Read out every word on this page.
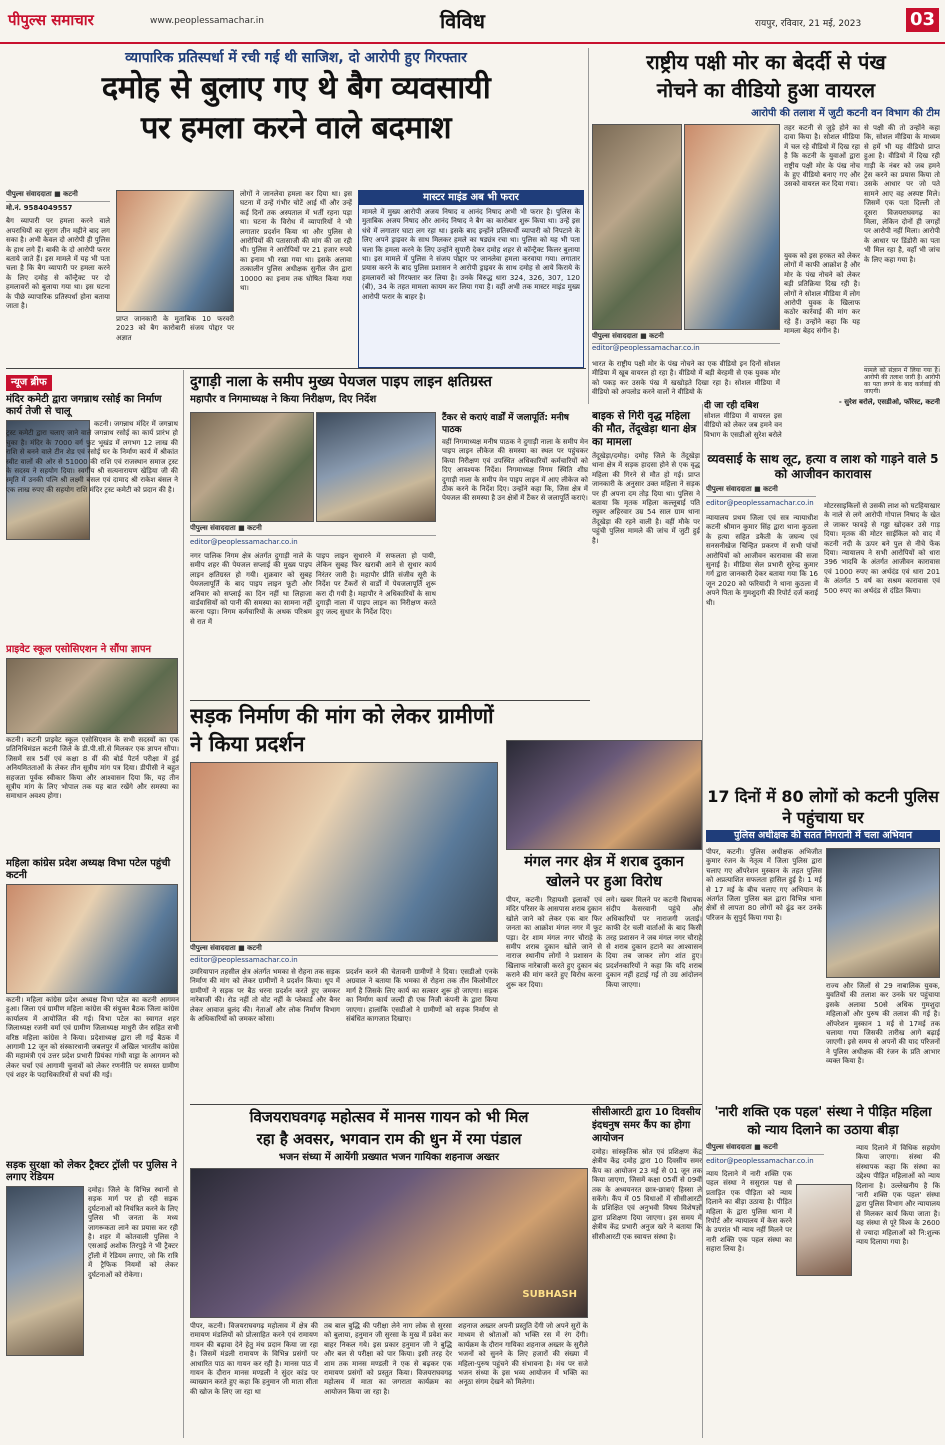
पीपुल्स समाचार	www.peoplessamachar.in	विविध	रायपुर, रविवार, 21 मई, 2023	03
व्यापारिक प्रतिस्पर्धा में रची गई थी साजिश, दो आरोपी हुए गिरफ्तार
दमोह से बुलाए गए थे बैग व्यवसायी
पर हमला करने वाले बदमाश
पीपुल्स संवाददाता ■ कटनी
मो.नं. 9584049557
बैग व्यापारी पर हमला करने वाले अपराधियों का सुराग तीन महीने बाद लग सका है। अभी केवल दो आरोपी ही पुलिस के हाथ लगे हैं। बाकी के दो आरोपी फरार बताये जाते हैं। इस मामले में यह भी पता चला है कि बैग व्यापारी पर हमला करने के लिए दमोह से कॉन्ट्रैक्ट पर दो हमलावरों को बुलाया गया था। इस घटना के पीछे व्यापारिक प्रतिस्पर्धा होना बताया जाता है।
प्राप्त जानकारी के मुताबिक 10 फरवरी 2023 को बैग कारोबारी संजय पोद्दार पर अज्ञात
लोगों ने जानलेवा हमला कर दिया था। इस घटना में उन्हें गंभीर चोटें आई थीं और उन्हें कई दिनों तक अस्पताल में भर्ती रहना पड़ा था। घटना के विरोध में व्यापारियों ने भी लगातार प्रदर्शन किया था और पुलिस से आरोपियों की पतासाजी की मांग की जा रही थी। पुलिस ने आरोपियों पर 21 हजार रुपये का इनाम भी रखा गया था। इसके अलावा तत्कालीन पुलिस अधीक्षक सुनील जैन द्वारा 10000 का इनाम तक घोषित किया गया था।
मास्टर माइंड अब भी फरार
मामले में मुख्य आरोपी अजय निषाद व आनंद निषाद अभी भी फरार है। पुलिस के मुताबिक अजय निषाद और आनंद निषाद ने बैग का कारोबार शुरू किया था। उन्हें इस धंधे में लगातार घाटा लग रहा था। इसके बाद इन्होंने प्रतिस्पर्धी व्यापारी को निपटाने के लिए अपने ड्राइवर के साथ मिलकर हमले का षड्यंत्र रचा था। पुलिस को यह भी पता चला कि हमला करने के लिए उन्होंने सुपारी देकर दमोह शहर से कॉन्ट्रैक्ट किलर बुलाया था। इस मामले में पुलिस ने संजय पोद्दार पर जानलेवा हमला करवाया गया। लगातार प्रयास करने के बाद पुलिस प्रशासन ने आरोपी ड्राइवर के साथ दमोह से आये किराये के हमलावरों को गिरफ्तार कर लिया है। उनके विरुद्ध धारा 324, 326, 307, 120 (बी), 34 के तहत मामला कायम कर लिया गया है। वहीं अभी तक मास्टर माइंड मुख्य आरोपी फरार के बाहर है।
राष्ट्रीय पक्षी मोर का बेदर्दी से पंख
नोचने का वीडियो हुआ वायरल
आरोपी की तलाश में जुटी कटनी वन विभाग की टीम
पीपुल्स संवाददाता ■ कटनी
editor@peoplessamachar.co.in
तहर कटनी से जुड़े होने का दावा किया है। सोशल मीडिया में चल रहे वीडियो में दिख रहा है कि कटनी के युवाओं द्वारा राष्ट्रीय पक्षी मोर के पंख नोच के हुए वीडियो बनाए गए और उसको वायरल कर दिया गया।
से पक्षी की तो उन्होंने कहा कि, सोशल मीडिया के माध्यम से हमें भी यह वीडियो प्राप्त हुआ है। वीडियो में दिख रही गाड़ी के नंबर को जब हमने ट्रेस करने का प्रयास किया तो उसके आधार पर जो पते सामने आए वह अस्पष्ट मिले। जिसमें एक पता दिल्ली तो दूसरा विजयराघवगढ़ का मिला, लेकिन दोनों ही जगहों पर आरोपी नहीं मिला। आरोपी के आधार पर डिंडोरी का पता भी मिल रहा है, वहाँ भी जांच के लिए कहा गया है।
युवक को इस हरकत को लेकर लोगों में काफी आक्रोश है और मोर के पंख नोचने को लेकर बड़ी प्रतिक्रिया दिख रही है। लोगों ने सोशल मीडिया में लोग आरोपी युवक के खिलाफ कठोर कार्रवाई की मांग कर रहे हैं। उन्होंने कहा कि यह मामला बेहद संगीन है।
भारत के राष्ट्रीय पक्षी मोर के पंख नोचने का एक वीडियो इन दिनों सोशल मीडिया में खूब वायरल हो रहा है। वीडियो में बड़ी बेरहमी से एक युवक मोर को पकड़ कर उसके पंख में खखोड़ते दिखा रहा है। सोशल मीडिया में वीडियो को अपलोड करने वालों ने वीडियो के
मामले को संज्ञान में लिया गया है। आरोपी की तलाश जारी है। आरोपी का पता लगने के बाद कार्रवाई की जाएगी।
- सुरेश बरोले, एसडीओ, फॉरेस्ट, कटनी
दी जा रही दबिश
सोशल मीडिया में वायरल इस वीडियो को लेकर जब हमने वन विभाग के एसडीओ सुरेश बरोले
न्यूज ब्रीफ
मंदिर कमेटी द्वारा जगन्नाथ रसोई का निर्माण कार्य तेजी से चालू
कटनी। जगन्नाथ मंदिर में जगन्नाथ ट्रस्ट कमेटी द्वारा चलाए जाने वाले जगन्नाथ रसोई का कार्य प्रारंभ हो चुका है। मंदिर के 7000 वर्ग फुट भूखंड में लगभग 12 लाख की राशि से बनने वाले टीन शेड एवं रसोई घर के निर्माण कार्य में श्रीकांत स्वीट वालों की ओर से 51000 की राशि एवं राजस्थान समाज ट्रस्ट के सदस्य ने सहयोग दिया। स्वर्गीय श्री सत्यनारायण खेड़िया जी की स्मृति में उनकी पत्नि श्री लक्ष्मी बंसल एवं दामाद श्री राकेश बंसल ने एक लाख रुपए की सहयोग राशि मंदिर ट्रस्ट कमेटी को प्रदान की है।
प्राइवेट स्कूल एसोसिएशन ने सौंपा ज्ञापन
कटनी। कटनी प्राइवेट स्कूल एसोसिएशन के सभी सदस्यों का एक प्रतिनिधिमंडल कटनी जिले के डी.पी.सी.से मिलकर एक ज्ञापन सौंपा। जिसमें सत्र 5वीं एवं कक्षा 8 वीं की बोर्ड पैटर्न परीक्षा में हुई अनियमितताओं के लेकर तीन सूत्रीय मांग पत्र दिया। डीपीसी ने बहुत सहजता पूर्वक स्वीकार किया और आश्वासन दिया कि, यह तीन सूत्रीय मांग के लिए भोपाल तक यह बात रखेंगे और समस्या का समाधान अवश्य होगा।
महिला कांग्रेस प्रदेश अध्यक्ष विभा पटेल पहुंची कटनी
कटनी। महिला कांग्रेस प्रदेश अध्यक्ष विभा पटेल का कटनी आगमन हुआ। जिला एवं ग्रामीण महिला कांग्रेस की संयुक्त बैठक जिला कांग्रेस कार्यालय में आयोजित की गई। विभा पटेल का स्वागत शहर जिलाध्यक्ष रजनी वर्मा एवं ग्रामीण जिलाध्यक्ष माधुरी जैन सहित सभी वरिष्ठ महिला कांग्रेस ने किया। प्रदेशाध्यक्ष द्वारा ली गई बैठक में आगामी 12 जून को संस्कारधानी जबलपुर में अखिल भारतीय कांग्रेस की महामंत्री एवं उत्तर प्रदेश प्रभारी प्रियंका गांधी वाड्रा के आगमन को लेकर चर्चा एवं आगामी चुनावों को लेकर रणनीति पर समस्त ग्रामीण एवं शहर के पदाधिकारियों से चर्चा की गई।
सड़क सुरक्षा को लेकर ट्रैक्टर ट्रॉली पर पुलिस ने लगाए रेडियम
दमोह। जिले के विभिन्न स्थानों से सड़क मार्ग पर हो रही सड़क दुर्घटनाओं को नियंत्रित करने के लिए पुलिस भी जनता के मध्य जागरूकता लाने का प्रयास कर रही है। शहर में कोतवाली पुलिस ने एसआई अशोक तिरपुड़े ने भी ट्रैक्टर ट्रॉली में रेडियम लगाए, जो कि रात्रि में ट्रैफिक नियमों को लेकर दुर्घटनाओं को रोकेगा।
दुगाड़ी नाला के समीप मुख्य पेयजल पाइप लाइन क्षतिग्रस्त
महापौर व निगमाध्यक्ष ने किया निरीक्षण, दिए निर्देश
पीपुल्स संवाददाता ■ कटनी
editor@peoplessamachar.co.in
नगर पालिक निगम क्षेत्र अंतर्गत दुगाड़ी नाले के समीप शहर की पेयजल सप्लाई की मुख्य पाइप लाइन क्षतिग्रस्त हो गयी। शुक्रवार को सुबह पेयजलापूर्ति के बाद पाइप लाइन फूटी और शनिवार को सप्लाई का दिन नहीं था लिहाजा वार्डवासियों को पानी की समस्या का सामना नहीं करना पड़ा। निगम कर्मचारियों के अथक परिश्रम से रात में
पाइप लाइन सुधारने में सफलता हो पायी, लेकिन सुबह फिर खराबी आने से सुधार कार्य निरंतर जारी है। महापौर प्रीति संजीव सूरी के निर्देश पर टैंकरों से वार्डों में पेयजलापूर्ति शुरू करा दी गयी है। महापौर ने अधिकारियों के साथ दुगाड़ी नाला में पाइप लाइन का निरीक्षण करते हुए जल्द सुधार के निर्देश दिए।
टैंकर से कराएं वार्डों में जलापूर्ति: मनीष पाठक
वहीं निगमाध्यक्ष मनीष पाठक ने दुगाड़ी नाला के समीप मेन पाइप लाइन लीकेज की समस्या का स्थल पर पहुंचकर किया निरीक्षण एवं उपस्थित अधिकारियों कर्मचारियों को दिए आवश्यक निर्देश। निगमाध्यक्ष निगम स्थिति शीघ्र दुगाड़ी नाला के समीप मेन पाइप लाइन में आए लीकेज को ठीक करने के निर्देश दिए। उन्होंने कहा कि, जिस क्षेत्र में पेयजल की समस्या है उन क्षेत्रों में टैंकर से जलापूर्ति कराएं।
बाइक से गिरी वृद्ध महिला की मौत, तेंदूखेड़ा थाना क्षेत्र का मामला
तेंदूखेड़ा/दमोह। दमोह जिले के तेंदूखेड़ा थाना क्षेत्र में सड़क हादसा होने से एक वृद्ध महिला की गिरने से मौत हो गई। प्राप्त जानकारी के अनुसार उक्त महिला ने सड़क पर ही अपना दम तोड़ दिया था। पुलिस ने बताया कि मृतक महिला कल्लूबाई पति रघुवर अहिरवार उम्र 54 साल ग्राम थाना तेंदूखेड़ा की रहने वाली है। वहीं मौके पर पहुंची पुलिस मामले की जांच में जुटी हुई है।
व्यवसाई के साथ लूट, हत्या व लाश को गाड़ने वाले 5 को आजीवन कारावास
पीपुल्स संवाददाता ■ कटनी
editor@peoplessamachar.co.in
न्यायालय प्रथम जिला एवं सत्र न्यायाधीश कटनी श्रीमान कुमार सिंह द्वारा थाना कुठला के हत्या सहित डकैती के जघन्य एवं सनसनीखेज चिन्हित प्रकरण में सभी पांचों आरोपियों को आजीवन कारावास की सजा सुनाई है। मीडिया सेल प्रभारी सुरेन्द्र कुमार गर्ग द्वारा जानकारी देकर बताया गया कि 16 जून 2020 को फरियादी ने थाना कुठला में अपने पिता के गुमशुदगी की रिपोर्ट दर्ज कराई थी।
मोटरसाइकिलों से उसकी लाश को घटहियाखार के नाले से लगे आरोपी गोपाल निषाद के खेत ले जाकर फावड़े से गड्ढा खोदकर उसे गाड़ दिया। मृतक की मोटर साईकिल को वाद में कटनी नदी के ऊपर बने पुल से नीचे फेंक दिया। न्यायालय ने सभी आरोपियों को धारा 396 भादवि के अंतर्गत आजीवन कारावास एवं 1000 रुपए का अर्थदंड एवं धारा 201 के अंतर्गत 5 वर्ष का सश्रम कारावास एवं 500 रुपए का अर्थदंड से दंडित किया।
सड़क निर्माण की मांग को लेकर ग्रामीणों ने किया प्रदर्शन
पीपुल्स संवाददाता ■ कटनी
editor@peoplessamachar.co.in
उमरियापान तहसील क्षेत्र अंतर्गत भमका से रोहना तक सड़क निर्माण की मांग को लेकर ग्रामीणों ने प्रदर्शन किया। धूप में ग्रामीणों ने सड़क पर बैठ धरना प्रदर्शन करते हुए जमकर नारेबाजी की। रोड नहीं तो वोट नहीं के प्लेकार्ड और बैनर लेकर आवाज बुलंद की। नेताओं और लोक निर्माण विभाग के अधिकारियों को जमकर कोसा।
प्रदर्शन करने की चेतावनी ग्रामीणों ने दिया। एसडीओ एनके अग्रवाल ने बताया कि भमका से रोहना तक तीन किलोमीटर मार्ग है जिसके लिए कार्य का सत्कार शुरू हो जाएगा। सड़क का निर्माण कार्य जल्दी ही एक निजी कंपनी के द्वारा किया जाएगा। हालांकि एसडीओ ने ग्रामीणों को सड़क निर्माण से संबंधित कागजात दिखाए।
मंगल नगर क्षेत्र में शराब दुकान खोलने पर हुआ विरोध
पीपर, कटनी। रिहायशी इलाकों एवं मंदिर परिसर के आसपास शराब दुकान खोले जाने को लेकर एक बार फिर जनता का आक्रोश मंगल नगर में फूट पड़ा। देर शाम मंगल नगर चौराहे के समीप शराब दुकान खोले जाने से नाराज स्थानीय लोगों ने प्रशासन के खिलाफ नारेबाजी करते हुए दुकान बंद कराने की मांग करते हुए विरोध करना शुरू कर दिया।
लगे। खबर मिलने पर कटनी विधायक संदीप केसरवानी पहुंचे और अधिकारियों पर नाराजगी जताई। काफी देर चली वार्ताओं के बाद किसी तरह प्रशासन ने जब मंगल नगर चौराहे से शराब दुकान हटाने का आश्वासन दिया तब जाकर लोग शांत हुए। प्रदर्शनकारियों ने कहा कि यदि शराब दुकान नहीं हटाई गई तो उग्र आंदोलन किया जाएगा।
17 दिनों में 80 लोगों को कटनी पुलिस ने पहुंचाया घर
पुलिस अधीक्षक की सतत निगरानी में चला अभियान
पीपर, कटनी। पुलिस अधीक्षक अभिजीत कुमार रंजन के नेतृत्व में जिला पुलिस द्वारा चलाए गए ऑपरेशन मुस्कान के तहत पुलिस को अप्रत्याशित सफलता हासिल हुई है। 1 मई से 17 मई के बीच चलाए गए अभियान के अंतर्गत जिला पुलिस बल द्वारा विभिन्न थाना क्षेत्रों से लापता 80 लोगों को ढूंढ कर उनके परिजन के सुपुर्द किया गया है।
राज्य और जिलों से 29 नाबालिक युवक, युवतियों की तलाश कर उनके घर पहुंचाया इसके अलावा 50से अधिक गुमशुदा महिलाओं और पुरुष की तलाश की गई है। ऑपरेशन मुस्कान 1 मई से 17मई तक चलाया गया जिसकी तारीख आगे बढ़ाई जाएगी। इसे समय से अपनों की याद परिजनों ने पुलिस अधीक्षक की रंजन के प्रति आभार व्यक्त किया है।
विजयराघवगढ़ महोत्सव में मानस गायन को भी मिल
रहा है अवसर, भगवान राम की धुन में रमा पंडाल
भजन संध्या में आयेंगी प्रख्यात भजन गायिका शहनाज अख्तर
SUBHASH
पीपर, कटनी। विजयराघवगढ़ महोत्सव में क्षेत्र की रामायण मंडलियों को प्रोत्साहित करने एवं रामायण गायन की बढ़ावा देने हेतु मंच प्रदान किया जा रहा है। जिसमें मंडली रामायण के विभिन्न प्रसंगों पर आधारित पाठ का गायन कर रही है। मानस पाठ में गायन के दौरान मानस मण्डली ने सुंदर कांड पर व्याख्यान करते हुए कहा कि हनुमान जी माता सीता की खोज के लिए जा रहा था
तब बाल बुद्धि की परीक्षा लेने नाग लोक से सुरसा को बुलाया, हनुमान जी सुरसा के मुख में प्रवेश कर बाहर निकल गये। इस प्रकार हनुमान जी ने बुद्धि और बल से परीक्षा को पार किया। इसी तरह देर शाम तक मानस मण्डली ने एक से बढ़कर एक रामायण प्रसंगों को प्रस्तुत किया। विजयराघवगढ़ महोत्सव में माता का जगराता कार्यक्रम का आयोजन किया जा रहा है।
शहनाज अख्तर अपनी प्रस्तुति देंगी जो अपने सुरों के माध्यम से श्रोताओं को भक्ति रस में रंग देंगी। कार्यक्रम के दौरान गायिका शहनाज अख्तर के सुरीले भजनों को सुनने के लिए हजारों की संख्या में महिला-पुरुष पहुंचने की संभावना है। मंच पर सजे भजन संध्या के इस भव्य आयोजन में भक्ति का अनूठा संगम देखने को मिलेगा।
सीसीआरटी द्वारा 10 दिवसीय इंदधनुष समर कैंप का होगा आयोजन
दमोह। सांस्कृतिक स्रोत एवं प्रशिक्षण केंद्र क्षेत्रीय केंद्र दमोह द्वारा 10 दिवसीय समर कैंप का आयोजन 23 मई से 01 जून तक किया जाएगा, जिसमें कक्षा 05वीं से 09वीं तक के अध्ययनरत छात्र-छात्राएं हिस्सा ले सकेंगे। कैंप में 05 विधाओं में सीसीआरटी के प्रशिक्षित एवं अनुभवी विषय विशेषज्ञों द्वारा प्रशिक्षण दिया जाएगा। इस समय में क्षेत्रीय केंद्र प्रभारी अनुज खरे ने बताया कि सीसीआरटी एक स्वायत्त संस्था है।
'नारी शक्ति एक पहल' संस्था ने पीड़ित महिला को न्याय दिलाने का उठाया बीड़ा
पीपुल्स संवाददाता ■ कटनी
editor@peoplessamachar.co.in
न्याय दिलाने में नारी शक्ति एक पहल संस्था ने ससुराल पक्ष से प्रताड़ित एक पीड़िता को न्याय दिलाने का बीड़ा उठाया है। पीड़ित महिला के द्वारा पुलिस थाना में रिपोर्ट और न्यायालय में केस करने के उपरांत भी न्याय नहीं मिलने पर नारी शक्ति एक पहल संस्था का सहारा लिया है।
न्याय दिलाने में विधिक सहयोग किया जाएगा। संस्था की संस्थापक कहा कि संस्था का उद्देश्य पीड़ित महिलाओं को न्याय दिलाना है। उल्लेखनीय है कि 'नारी शक्ति एक पहल' संस्था द्वारा पुलिस विभाग और न्यायालय से मिलकर कार्य किया जाता है। यह संस्था से पूरे विश्व के 2600 से ज्यादा महिलाओं को नि:शुल्क न्याय दिलाया गया है।
